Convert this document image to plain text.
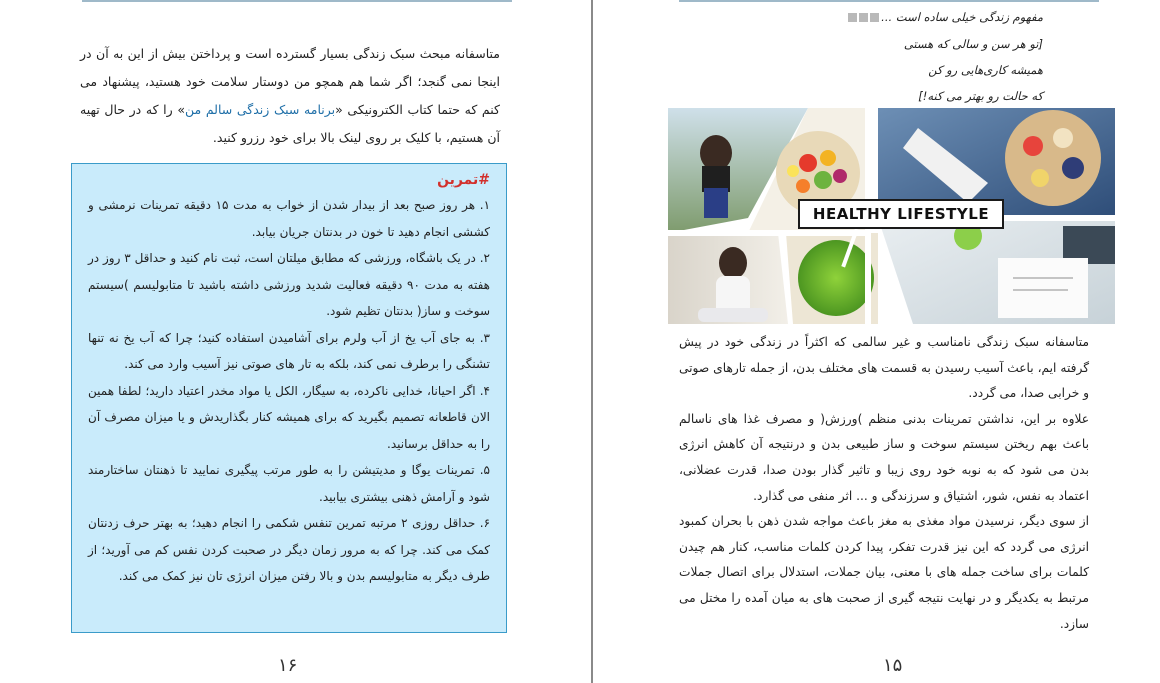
متاسفانه مبحث سبک زندگی بسیار گسترده است و پرداختن بیش از این به آن در اینجا نمی گنجد؛ اگر شما هم همچو من دوستار سلامت خود هستید، پیشنهاد می کنم که حتما کتاب الکترونیکی «برنامه سبک زندگی سالم من» را که در حال تهیه آن هستیم، با کلیک بر روی لینک بالا برای خود رزرو کنید.

#تمرین
۱. هر روز صبح بعد از بیدار شدن از خواب به مدت ۱۵ دقیقه تمرینات نرمشی و کششی انجام دهید تا خون در بدنتان جریان بیابد.
۲. در یک باشگاه، ورزشی که مطابق میلتان است، ثبت نام کنید و حداقل ۳ روز در هفته به مدت ۹۰ دقیقه فعالیت شدید ورزشی داشته باشید تا متابولیسم )سیستم سوخت و ساز( بدنتان تظیم شود.
۳. به جای آب یخ از آب ولرم برای آشامیدن استفاده کنید؛ چرا که آب یخ نه تنها تشنگی را برطرف نمی کند، بلکه به تار های صوتی نیز آسیب وارد می کند.
۴. اگر احیانا، خدایی ناکرده، به سیگار، الکل یا مواد مخدر اعتیاد دارید؛ لطفا همین الان قاطعانه تصمیم بگیرید که برای همیشه کنار بگذاریدش و یا میزان مصرف آن را به حداقل برسانید.
۵. تمرینات یوگا و مدیتیشن را به طور مرتب پیگیری نمایید تا ذهنتان ساختارمند شود و آرامش ذهنی بیشتری بیابید.
۶. حداقل روزی ۲ مرتبه تمرین تنفس شکمی را انجام دهید؛ به بهتر حرف زدنتان کمک می کند. چرا که به مرور زمان دیگر در صحبت کردن نفس کم می آورید؛ از طرف دیگر به متابولیسم بدن و بالا رفتن میزان انرژی تان نیز کمک می کند.
۱۶
مفهوم زندگی خیلی ساده است ...
[تو هر سن و سالی که هستی
همیشه کاری‌هایی رو کن
که حالت رو بهتر می کنه!]
HEALTHY LIFESTYLE

متاسفانه سبک زندگی نامناسب و غیر سالمی که اکثراً در زندگی خود در پیش گرفته ایم، باعث آسیب رسیدن به قسمت های مختلف بدن، از جمله تارهای صوتی و خرابی صدا، می گردد.

علاوه بر این، نداشتن تمرینات بدنی منظم )ورزش( و مصرف غذا های ناسالم باعث بهم ریختن سیستم سوخت و ساز طبیعی بدن و درنتیجه آن کاهش انرژی بدن می شود که به نوبه خود روی زیبا و تاثیر گذار بودن صدا، قدرت عضلانی، اعتماد به نفس، شور، اشتیاق و سرزندگی و ... اثر منفی می گذارد.

از سوی دیگر، نرسیدن مواد مغذی به مغز باعث مواجه شدن ذهن با بحران کمبود انرژی می گردد که این نیز قدرت تفکر، پیدا کردن کلمات مناسب، کنار هم چیدن کلمات برای ساخت جمله های با معنی، بیان جملات، استدلال برای اتصال جملات مرتبط به یکدیگر و در نهایت نتیجه گیری از صحبت های به میان آمده را مختل می سازد.

۱۵
